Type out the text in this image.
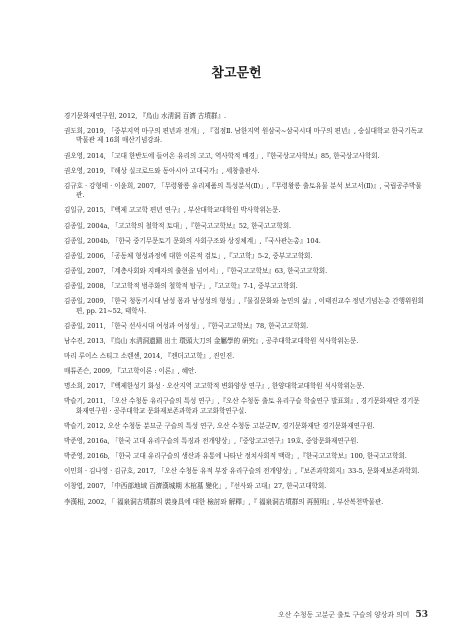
참고문헌
경기문화재연구원, 2012, 『烏山 水淸洞 百濟 古墳群』.
권도희, 2019, 「중부지역 마구의 편년과 전개」, 『접점Ⅱ. 남한지역 원삼국~삼국시대 마구의 편년』, 숭실대학교 한국기독교박물관 제 16회 매산기념강좌.
권오영, 2014, 「고대 한반도에 들어온 유리의 고고, 역사학적 배경」,『한국상고사학보』85, 한국상고사학회.
권오영, 2019, 『해상 실크로드와 동아시아 고대국가』, 세창출판사.
김규호 · 강형태 · 이윤희, 2007, 「무령왕릉 유리제품의 특성분석(Ⅱ)」,『무령왕릉 출토유물 분석 보고서(Ⅱ)』, 국립공주박물관.
김일규, 2015, 『백제 고고학 편년 연구』, 부산대학교대학원 박사학위논문.
김종일, 2004a, 「고고학의 철학적 토대」,『한국고고학보』52, 한국고고학회.
김종일, 2004b, 「한국 중기무문토기 문화의 사회구조와 상징체계」,『국사관논총』104.
김종일, 2006, 「공동체 형성과정에 대한 이론적 검토」,『고고학』5-2, 중부고고학회.
김종일, 2007, 「계층사회와 지배자의 출현을 넘어서」,『한국고고학보』63, 한국고고학회.
김종일, 2008, 「고고학적 범주화의 철학적 탐구」,『고고학』7-1, 중부고고학회.
김종일, 2009, 「한국 청동기시대 남성 몸과 남성성의 형성」,『물질문화와 농민의 삶』, 이태진교수 정년기념논총 간행위원회 편, pp. 21~52, 태학사.
김종일, 2011, 「한국 선사시대 여성과 여성성」,『한국고고학보』78, 한국고고학회.
남수진, 2013, 『烏山 水淸洞遺蹟 出土 環頭大刀의 金屬學的 硏究』, 공주대학교대학원 석사학위논문.
마리 루이스 스티그 소렌센, 2014, 『젠더고고학』, 진인진.
매튜존슨, 2009, 『고고학이론 : 이론』, 혜안.
명소희, 2017, 『백제한성기 화성 · 오산지역 고고학적 변화양상 연구』, 한양대학교대학원 석사학위논문.
박슬기, 2011, 「오산 수청동 유리구슬의 특성 연구」,『오산 수청동 출토 유리구슬 학술연구 발표회』, 경기문화재단 경기문화재연구원 · 공주대학교 문화재보존과학과 고고화학연구실.
박슬기, 2012, 오산 수청동 분묘군 구슬의 특성 연구, 오산 수청동 고분군Ⅳ, 경기문화재단 경기문화재연구원.
박준영, 2016a, 「한국 고대 유리구슬의 특징과 전개양상」,『중앙고고연구』19호, 중앙문화재연구원.
박준영, 2016b, 「한국 고대 유리구슬의 생산과 유통에 나타난 정치사회적 맥락」,『한국고고학보』100, 한국고고학회.
이민희 · 김나영 · 김규호, 2017, 「오산 수청동 유적 부장 유리구슬의 전개양상」,『보존과학회지』33-5, 문화재보존과학회.
이창엽, 2007, 「中西部地域 百濟漢城期 木棺墓 變化」,『선사와 고대』27, 한국고대학회.
李漢相, 2002, 「 福泉洞古墳群의 裝身具에 대한 檢討와 解釋」,『 福泉洞古墳群의 再照明』, 부산복천박물관.
오산 수청동 고분군 출토 구슬의 양상과 의미 53
